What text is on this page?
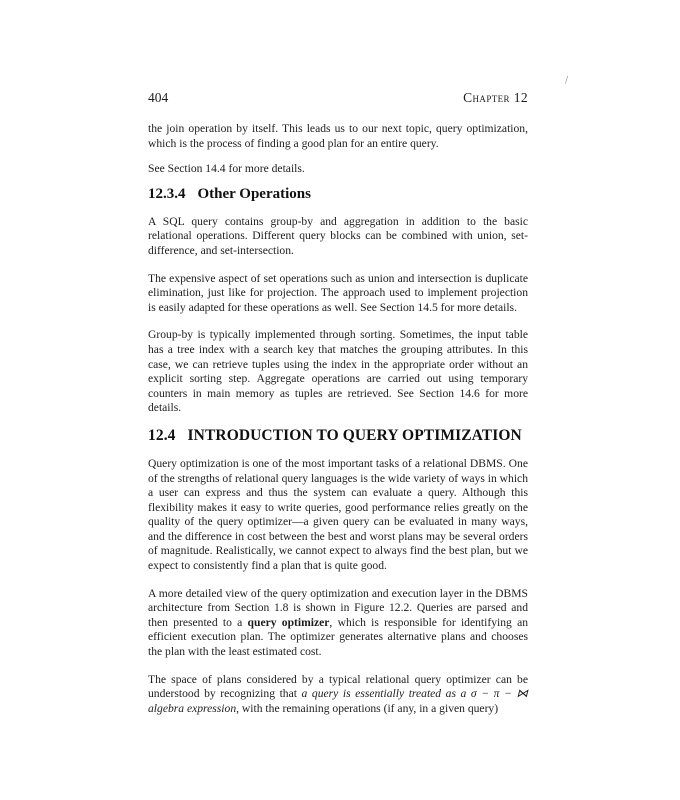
404	Chapter 12
/

the join operation by itself. This leads us to our next topic, query optimization, which is the process of finding a good plan for an entire query.

See Section 14.4 for more details.

12.3.4 Other Operations

A SQL query contains group-by and aggregation in addition to the basic relational operations. Different query blocks can be combined with union, set-difference, and set-intersection.

The expensive aspect of set operations such as union and intersection is duplicate elimination, just like for projection. The approach used to implement projection is easily adapted for these operations as well. See Section 14.5 for more details.

Group-by is typically implemented through sorting. Sometimes, the input table has a tree index with a search key that matches the grouping attributes. In this case, we can retrieve tuples using the index in the appropriate order without an explicit sorting step. Aggregate operations are carried out using temporary counters in main memory as tuples are retrieved. See Section 14.6 for more details.

12.4 INTRODUCTION TO QUERY OPTIMIZATION

Query optimization is one of the most important tasks of a relational DBMS. One of the strengths of relational query languages is the wide variety of ways in which a user can express and thus the system can evaluate a query. Although this flexibility makes it easy to write queries, good performance relies greatly on the quality of the query optimizer—a given query can be evaluated in many ways, and the difference in cost between the best and worst plans may be several orders of magnitude. Realistically, we cannot expect to always find the best plan, but we expect to consistently find a plan that is quite good.

A more detailed view of the query optimization and execution layer in the DBMS architecture from Section 1.8 is shown in Figure 12.2. Queries are parsed and then presented to a query optimizer, which is responsible for identifying an efficient execution plan. The optimizer generates alternative plans and chooses the plan with the least estimated cost.

The space of plans considered by a typical relational query optimizer can be understood by recognizing that a query is essentially treated as a σ − π − ⋈ algebra expression, with the remaining operations (if any, in a given query)
